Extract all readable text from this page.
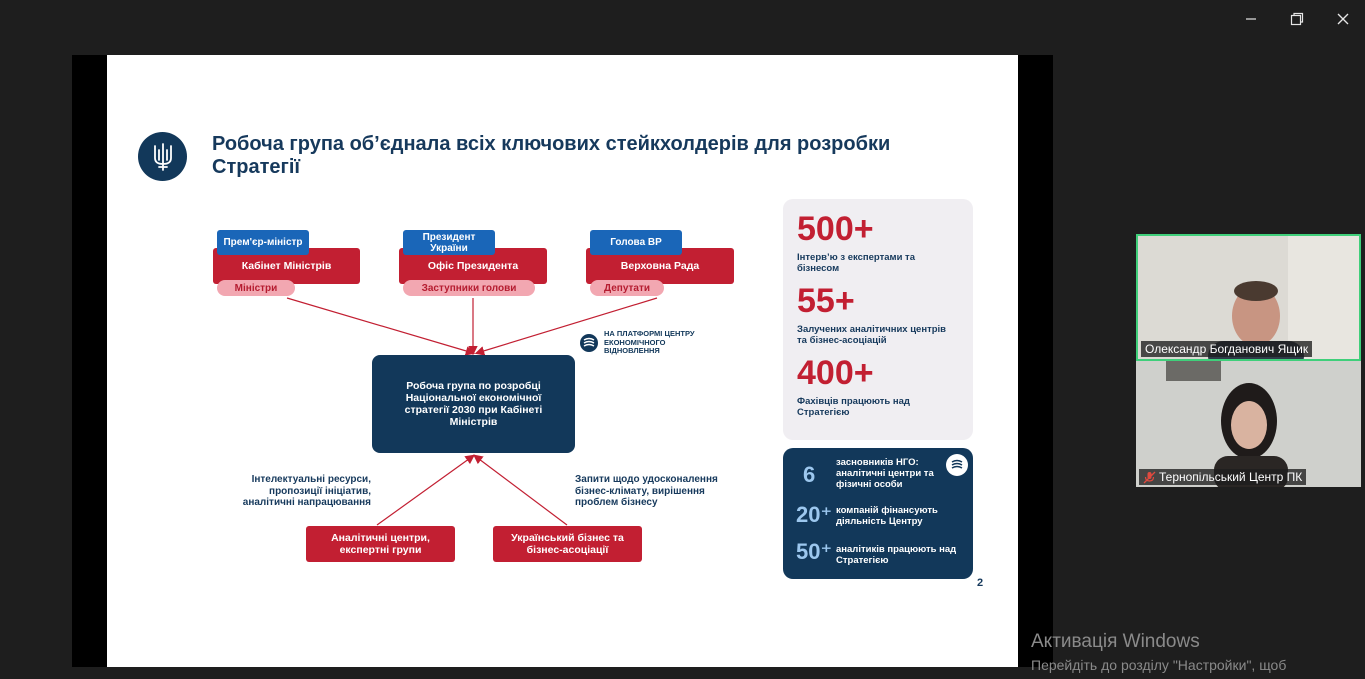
Робоча група об’єднала всіх ключових стейкхолдерів для розробки Стратегії
Кабінет Міністрів
Прем'єр-міністр
Міністри
Офіс Президента
Президент України
Заступники голови
Верховна Рада
Голова ВР
Депутати
НА ПЛАТФОРМІ ЦЕНТРУ ЕКОНОМІЧНОГО ВІДНОВЛЕННЯ
Робоча група по розробці Національної економічної стратегії 2030 при Кабінеті Міністрів
Інтелектуальні ресурси, пропозиції ініціатив, аналітичні напрацювання
Запити щодо удосконалення бізнес-клімату, вирішення проблем бізнесу
Аналітичні центри, експертні групи
Український бізнес та бізнес-асоціації
500+
Інтерв’ю з експертами та бізнесом
55+
Залучених аналітичних центрів та бізнес-асоціацій
400+
Фахівців працюють над Стратегією
6 засновників НГО: аналітичні центри та фізичні особи
20⁺ компаній фінансують діяльність Центру
50⁺ аналітиків працюють над Стратегією
2
Олександр Богданович Ящик
Тернопільський Центр ПК
Активація Windows
Перейдіть до розділу "Настройки", щоб
